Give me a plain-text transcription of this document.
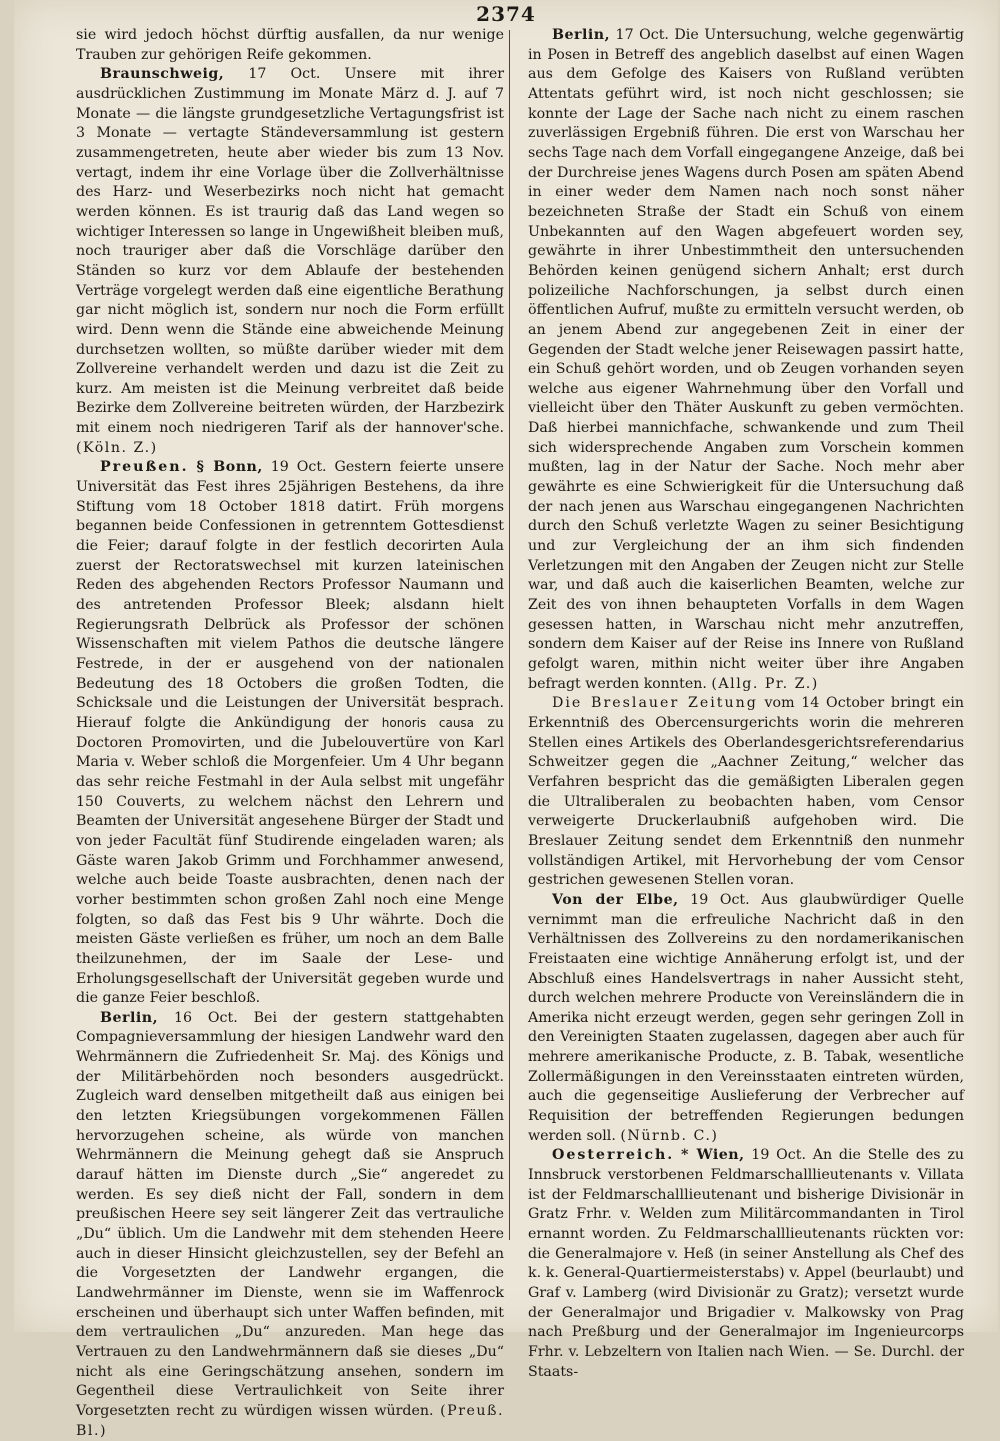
2374

sie wird jedoch höchst dürftig ausfallen, da nur wenige Trauben zur gehörigen Reife gekommen.

Braunschweig, 17 Oct. Unsere mit ihrer ausdrücklichen Zustimmung im Monate März d. J. auf 7 Monate — die längste grundgesetzliche Vertagungsfrist ist 3 Monate — vertagte Ständeversammlung ist gestern zusammengetreten, heute aber wieder bis zum 13 Nov. vertagt, indem ihr eine Vorlage über die Zollverhältnisse des Harz- und Weserbezirks noch nicht hat gemacht werden können. Es ist traurig daß das Land wegen so wichtiger Interessen so lange in Ungewißheit bleiben muß, noch trauriger aber daß die Vorschläge darüber den Ständen so kurz vor dem Ablaufe der bestehenden Verträge vorgelegt werden daß eine eigentliche Berathung gar nicht möglich ist, sondern nur noch die Form erfüllt wird. Denn wenn die Stände eine abweichende Meinung durchsetzen wollten, so müßte darüber wieder mit dem Zollvereine verhandelt werden und dazu ist die Zeit zu kurz. Am meisten ist die Meinung verbreitet daß beide Bezirke dem Zollvereine beitreten würden, der Harzbezirk mit einem noch niedrigeren Tarif als der hannover'sche. (Köln. Z.)

Preußen. § Bonn, 19 Oct. Gestern feierte unsere Universität das Fest ihres 25jährigen Bestehens, da ihre Stiftung vom 18 October 1818 datirt. Früh morgens begannen beide Confessionen in getrenntem Gottesdienst die Feier; darauf folgte in der festlich decorirten Aula zuerst der Rectoratswechsel mit kurzen lateinischen Reden des abgehenden Rectors Professor Naumann und des antretenden Professor Bleek; alsdann hielt Regierungsrath Delbrück als Professor der schönen Wissenschaften mit vielem Pathos die deutsche längere Festrede, in der er ausgehend von der nationalen Bedeutung des 18 Octobers die großen Todten, die Schicksale und die Leistungen der Universität besprach. Hierauf folgte die Ankündigung der honoris causa zu Doctoren Promovirten, und die Jubelouvertüre von Karl Maria v. Weber schloß die Morgenfeier. Um 4 Uhr begann das sehr reiche Festmahl in der Aula selbst mit ungefähr 150 Couverts, zu welchem nächst den Lehrern und Beamten der Universität angesehene Bürger der Stadt und von jeder Facultät fünf Studirende eingeladen waren; als Gäste waren Jakob Grimm und Forchhammer anwesend, welche auch beide Toaste ausbrachten, denen nach der vorher bestimmten schon großen Zahl noch eine Menge folgten, so daß das Fest bis 9 Uhr währte. Doch die meisten Gäste verließen es früher, um noch an dem Balle theilzunehmen, der im Saale der Lese- und Erholungsgesellschaft der Universität gegeben wurde und die ganze Feier beschloß.

Berlin, 16 Oct. Bei der gestern stattgehabten Compagnieversammlung der hiesigen Landwehr ward den Wehrmännern die Zufriedenheit Sr. Maj. des Königs und der Militärbehörden noch besonders ausgedrückt. Zugleich ward denselben mitgetheilt daß aus einigen bei den letzten Kriegsübungen vorgekommenen Fällen hervorzugehen scheine, als würde von manchen Wehrmännern die Meinung gehegt daß sie Anspruch darauf hätten im Dienste durch „Sie“ angeredet zu werden. Es sey dieß nicht der Fall, sondern in dem preußischen Heere sey seit längerer Zeit das vertrauliche „Du“ üblich. Um die Landwehr mit dem stehenden Heere auch in dieser Hinsicht gleichzustellen, sey der Befehl an die Vorgesetzten der Landwehr ergangen, die Landwehrmänner im Dienste, wenn sie im Waffenrock erscheinen und überhaupt sich unter Waffen befinden, mit dem vertraulichen „Du“ anzureden. Man hege das Vertrauen zu den Landwehrmännern daß sie dieses „Du“ nicht als eine Geringschätzung ansehen, sondern im Gegentheil diese Vertraulichkeit von Seite ihrer Vorgesetzten recht zu würdigen wissen würden. (Preuß. Bl.)

Berlin, 17 Oct. Die Untersuchung, welche gegenwärtig in Posen in Betreff des angeblich daselbst auf einen Wagen aus dem Gefolge des Kaisers von Rußland verübten Attentats geführt wird, ist noch nicht geschlossen; sie konnte der Lage der Sache nach nicht zu einem raschen zuverlässigen Ergebniß führen. Die erst von Warschau her sechs Tage nach dem Vorfall eingegangene Anzeige, daß bei der Durchreise jenes Wagens durch Posen am späten Abend in einer weder dem Namen nach noch sonst näher bezeichneten Straße der Stadt ein Schuß von einem Unbekannten auf den Wagen abgefeuert worden sey, gewährte in ihrer Unbestimmtheit den untersuchenden Behörden keinen genügend sichern Anhalt; erst durch polizeiliche Nachforschungen, ja selbst durch einen öffentlichen Aufruf, mußte zu ermitteln versucht werden, ob an jenem Abend zur angegebenen Zeit in einer der Gegenden der Stadt welche jener Reisewagen passirt hatte, ein Schuß gehört worden, und ob Zeugen vorhanden seyen welche aus eigener Wahrnehmung über den Vorfall und vielleicht über den Thäter Auskunft zu geben vermöchten. Daß hierbei mannichfache, schwankende und zum Theil sich widersprechende Angaben zum Vorschein kommen mußten, lag in der Natur der Sache. Noch mehr aber gewährte es eine Schwierigkeit für die Untersuchung daß der nach jenen aus Warschau eingegangenen Nachrichten durch den Schuß verletzte Wagen zu seiner Besichtigung und zur Vergleichung der an ihm sich findenden Verletzungen mit den Angaben der Zeugen nicht zur Stelle war, und daß auch die kaiserlichen Beamten, welche zur Zeit des von ihnen behaupteten Vorfalls in dem Wagen gesessen hatten, in Warschau nicht mehr anzutreffen, sondern dem Kaiser auf der Reise ins Innere von Rußland gefolgt waren, mithin nicht weiter über ihre Angaben befragt werden konnten. (Allg. Pr. Z.)

Die Breslauer Zeitung vom 14 October bringt ein Erkenntniß des Obercensurgerichts worin die mehreren Stellen eines Artikels des Oberlandesgerichtsreferendarius Schweitzer gegen die „Aachner Zeitung,“ welcher das Verfahren bespricht das die gemäßigten Liberalen gegen die Ultraliberalen zu beobachten haben, vom Censor verweigerte Druckerlaubniß aufgehoben wird. Die Breslauer Zeitung sendet dem Erkenntniß den nunmehr vollständigen Artikel, mit Hervorhebung der vom Censor gestrichen gewesenen Stellen voran.

Von der Elbe, 19 Oct. Aus glaubwürdiger Quelle vernimmt man die erfreuliche Nachricht daß in den Verhältnissen des Zollvereins zu den nordamerikanischen Freistaaten eine wichtige Annäherung erfolgt ist, und der Abschluß eines Handelsvertrags in naher Aussicht steht, durch welchen mehrere Producte von Vereinsländern die in Amerika nicht erzeugt werden, gegen sehr geringen Zoll in den Vereinigten Staaten zugelassen, dagegen aber auch für mehrere amerikanische Producte, z. B. Tabak, wesentliche Zollermäßigungen in den Vereinsstaaten eintreten würden, auch die gegenseitige Auslieferung der Verbrecher auf Requisition der betreffenden Regierungen bedungen werden soll. (Nürnb. C.)

Oesterreich. * Wien, 19 Oct. An die Stelle des zu Innsbruck verstorbenen Feldmarschalllieutenants v. Villata ist der Feldmarschalllieutenant und bisherige Divisionär in Gratz Frhr. v. Welden zum Militärcommandanten in Tirol ernannt worden. Zu Feldmarschalllieutenants rückten vor: die Generalmajore v. Heß (in seiner Anstellung als Chef des k. k. General-Quartiermeisterstabs) v. Appel (beurlaubt) und Graf v. Lamberg (wird Divisionär zu Gratz); versetzt wurde der Generalmajor und Brigadier v. Malkowsky von Prag nach Preßburg und der Generalmajor im Ingenieurcorps Frhr. v. Lebzeltern von Italien nach Wien. — Se. Durchl. der Staats-
